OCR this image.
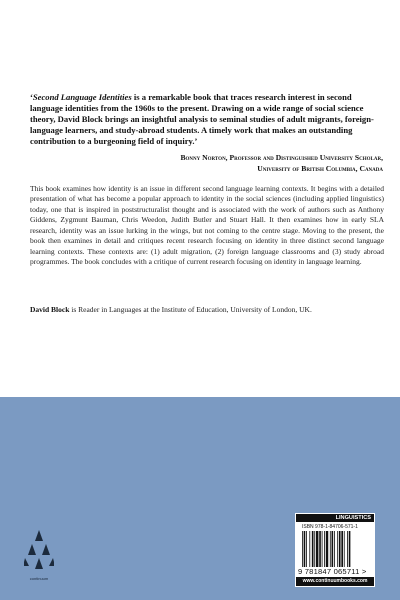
‘Second Language Identities is a remarkable book that traces research interest in second language identities from the 1960s to the present. Drawing on a wide range of social science theory, David Block brings an insightful analysis to seminal studies of adult migrants, foreign-language learners, and study-abroad students. A timely work that makes an outstanding contribution to a burgeoning field of inquiry.’
Bonny Norton, Professor and Distinguished University Scholar,
University of British Columbia, Canada
This book examines how identity is an issue in different second language learning contexts. It begins with a detailed presentation of what has become a popular approach to identity in the social sciences (including applied linguistics) today, one that is inspired in poststructuralist thought and is associated with the work of authors such as Anthony Giddens, Zygmunt Bauman, Chris Weedon, Judith Butler and Stuart Hall. It then examines how in early SLA research, identity was an issue lurking in the wings, but not coming to the centre stage. Moving to the present, the book then examines in detail and critiques recent research focusing on identity in three distinct second language learning contexts. These contexts are: (1) adult migration, (2) foreign language classrooms and (3) study abroad programmes. The book concludes with a critique of current research focusing on identity in language learning.
David Block is Reader in Languages at the Institute of Education, University of London, UK.
continuum
LINGUISTICS
ISBN 978-1-84706-571-1
9 781847 065711 >
www.continuumbooks.com
